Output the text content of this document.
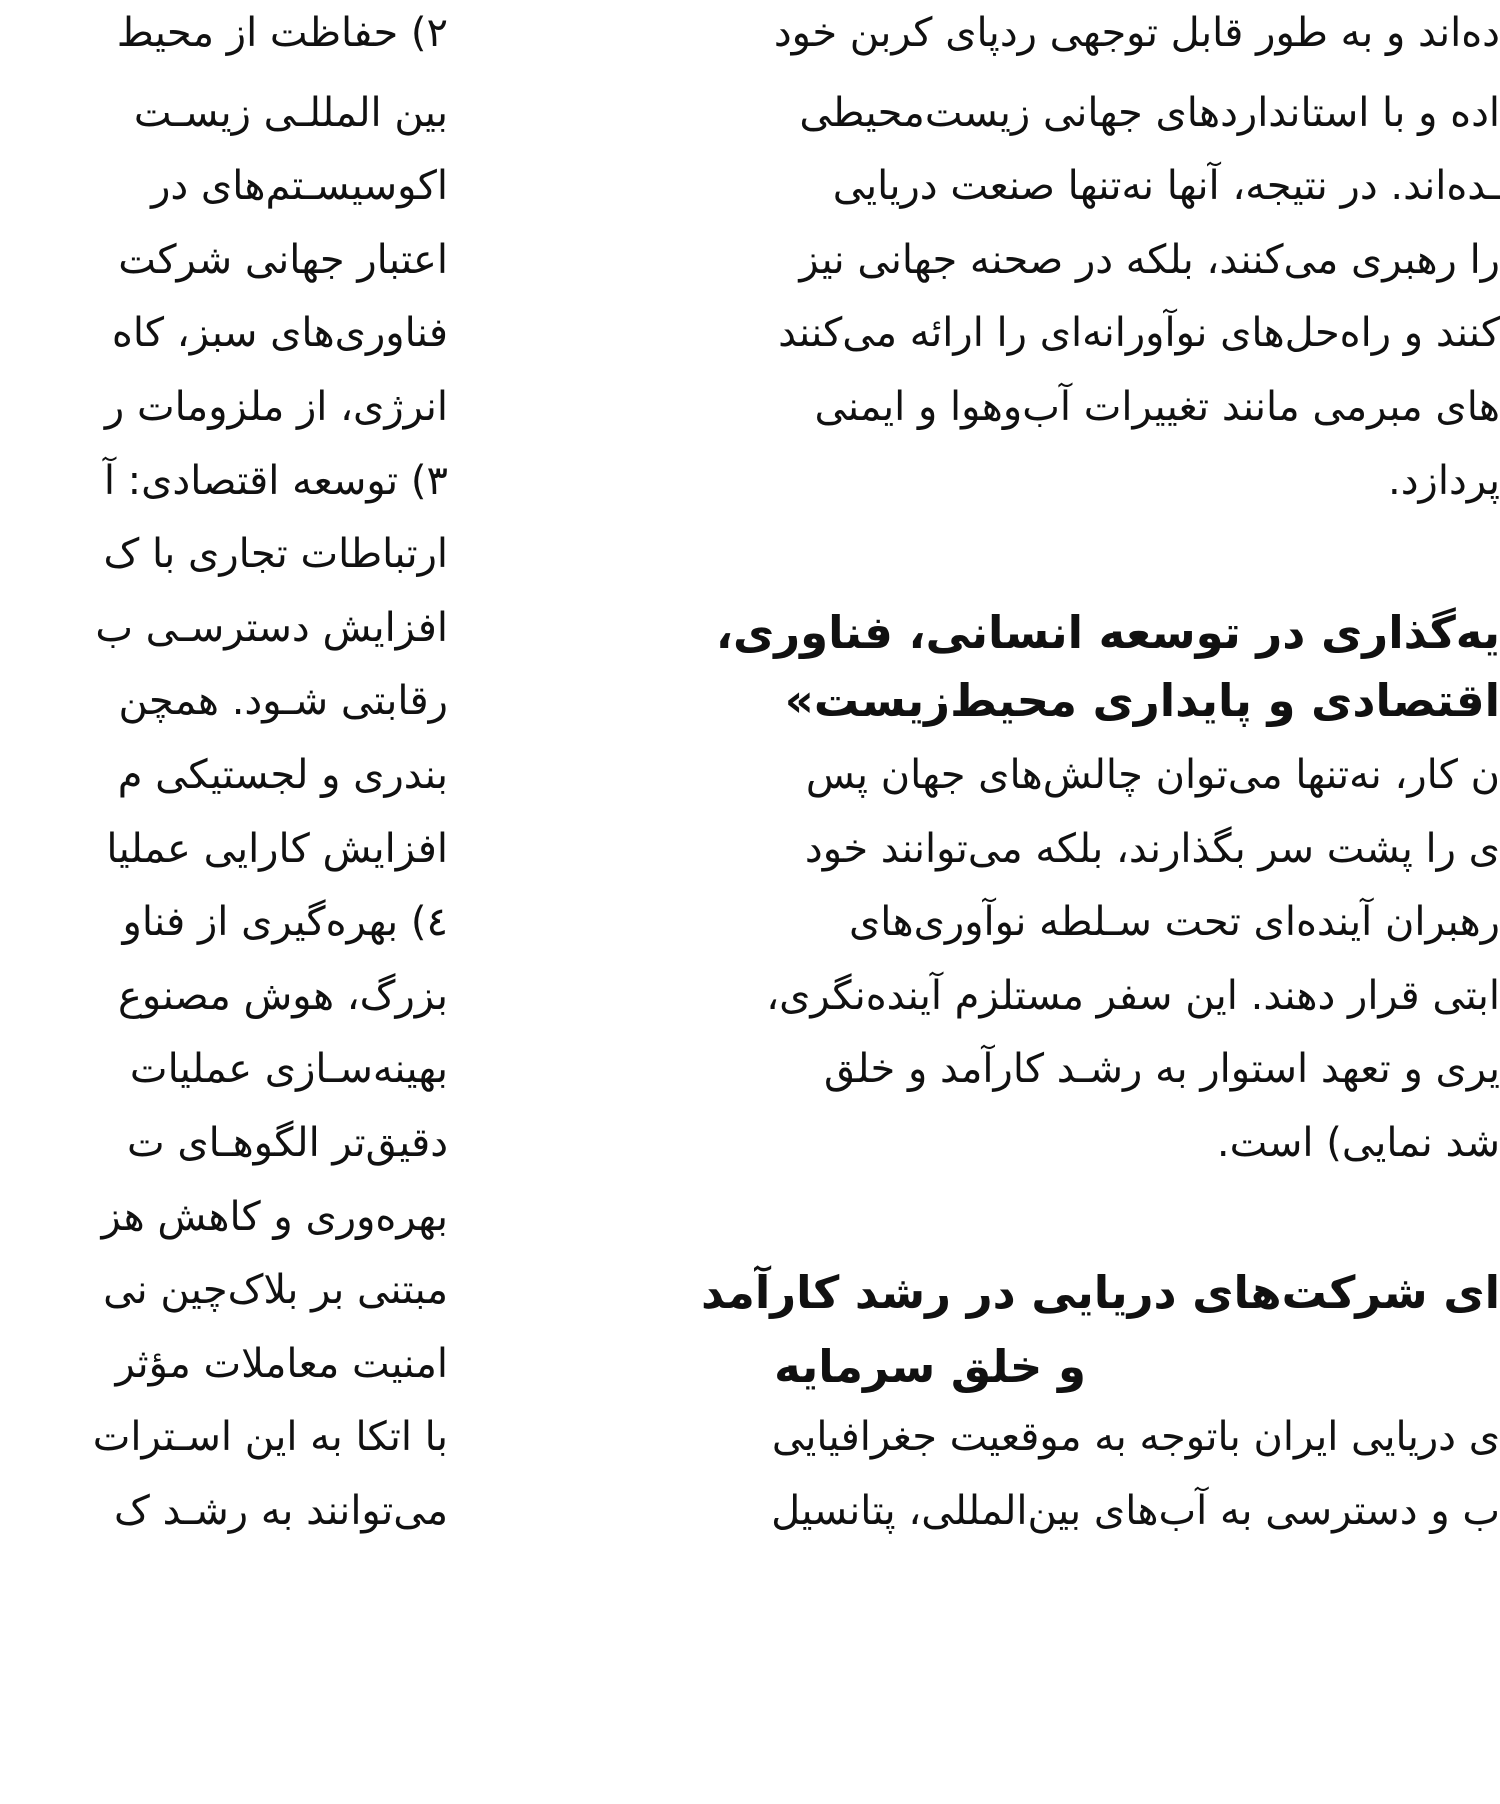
۲) حفاظت از محیط
بین المللـی زیسـت
اکوسیسـتم‌های در
اعتبار جهانی شرکت
فناوری‌های سبز، کاه
انرژی، از ملزومات ر
۳) توسعه اقتصادی: آ
ارتباطات تجاری با ک
افزایش دسترسـی ب
رقابتی شـود. همچن
بندری و لجستیکی م
افزایش کارایی عملیا
٤) بهره‌گیری از فناو
بزرگ، هوش مصنوع
بهینه‌سـازی عملیات
دقیق‌تر الگوهـای ت
بهره‌وری و کاهش هز
مبتنی بر بلاک‌چین نی
امنیت معاملات مؤثر
با اتکا به این اسـترات
می‌توانند به رشـد ک
ده‌اند و به طور قابل توجهی ردپای کربن خود
اده و با استانداردهای جهانی زیست‌محیطی
ـده‌اند. در نتیجه، آنها نه‌تنها صنعت دریایی
را رهبری می‌کنند، بلکه در صحنه جهانی نیز
کنند و راه‌حل‌های نوآورانه‌ای را ارائه می‌کنند
‌های مبرمی مانند تغییرات آب‌وهوا و ایمنی
پردازد.
یه‌گذاری در توسعه انسانی، فناوری،
اقتصادی و پایداری محیط‌زیست»
ن کار، نه‌تنها می‌توان چالش‌های جهان پس
ی را پشت سر بگذارند، بلکه می‌توانند خود
رهبران آینده‌ای تحت سـلطه نوآوری‌های
ابتی قرار دهند. این سفر مستلزم آینده‌نگری،
یری و تعهد استوار به رشـد کارآمد و خلق
شد نمایی) است.
ای شرکت‌های دریایی در رشد کارآمد
و خلق سرمایه
ی دریایی ایران باتوجه به موقعیت جغرافیایی
ب و دسترسی به آب‌های بین‌المللی، پتانسیل
